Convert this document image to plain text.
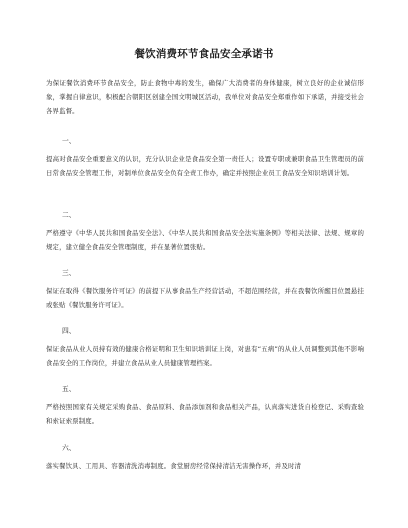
餐饮消费环节食品安全承诺书
为保证餐饮消费环节食品安全，防止食物中毒的发生，确保广大消费者的身体健康，树立良好的企业诚信形象，掌握自律意识，积极配合朝阳区创建全国文明城区活动，我单位对食品安全郑重作如下承诺，并接受社会各界监督。
一、
提高对食品安全重要意义的认识，充分认识企业是食品安全第一责任人；设置专职或兼职食品卫生管理员的前日常食品安全管理工作，对制单位食品安全负有全责工作办，确定并按照企业员工食品安全知识培训计划。
二、
严格遵守《中华人民共和国食品安全法》、《中华人民共和国食品安全法实施条例》等相关法律、法规、规章的规定，建立健全食品安全管理制度，并在显著位置张贴。
三、
保证在取得《餐饮服务许可证》的前提下从事食品生产经营活动，不超范围经营，并在我餐饮所醒目位置悬挂或张贴《餐饮服务许可证》。
四、
保证食品从业人员持有效的健康合格证明和卫生知识培训证上岗，对患有“五病”的从业人员调整到其他不影响食品安全的工作岗位，并建立食品从业人员健康管理档案。
五、
严格按照国家有关规定采购食品、食品原料、食品添加剂和食品相关产品，认真落实进货自检登记、采购查验和索证索票制度。
六、
落实餐饮具、工用具、容器清洗消毒制度。食堂厨房经常保持清洁无害操作环，并及时清
